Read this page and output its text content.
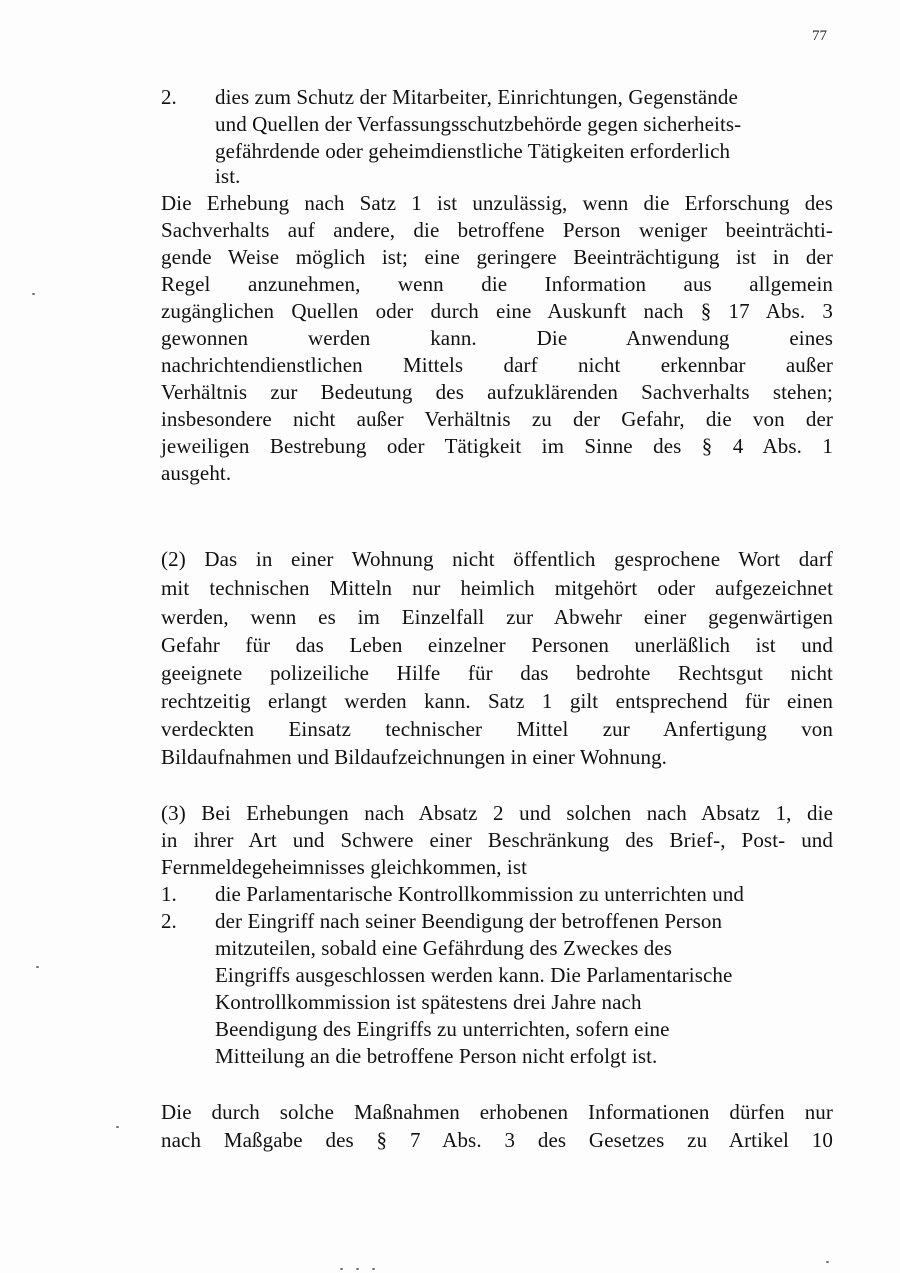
77
2. dies zum Schutz der Mitarbeiter, Einrichtungen, Gegenstände
und Quellen der Verfassungsschutzbehörde gegen sicherheits-
gefährdende oder geheimdienstliche Tätigkeiten erforderlich
ist.
Die Erhebung nach Satz 1 ist unzulässig, wenn die Erforschung des
Sachverhalts auf andere, die betroffene Person weniger beeinträchti-
gende Weise möglich ist; eine geringere Beeinträchtigung ist in der
Regel anzunehmen, wenn die Information aus allgemein
zugänglichen Quellen oder durch eine Auskunft nach § 17 Abs. 3
gewonnen werden kann. Die Anwendung eines
nachrichtendienstlichen Mittels darf nicht erkennbar außer
Verhältnis zur Bedeutung des aufzuklärenden Sachverhalts stehen;
insbesondere nicht außer Verhältnis zu der Gefahr, die von der
jeweiligen Bestrebung oder Tätigkeit im Sinne des § 4 Abs. 1
ausgeht.
(2) Das in einer Wohnung nicht öffentlich gesprochene Wort darf
mit technischen Mitteln nur heimlich mitgehört oder aufgezeichnet
werden, wenn es im Einzelfall zur Abwehr einer gegenwärtigen
Gefahr für das Leben einzelner Personen unerläßlich ist und
geeignete polizeiliche Hilfe für das bedrohte Rechtsgut nicht
rechtzeitig erlangt werden kann. Satz 1 gilt entsprechend für einen
verdeckten Einsatz technischer Mittel zur Anfertigung von
Bildaufnahmen und Bildaufzeichnungen in einer Wohnung.
(3) Bei Erhebungen nach Absatz 2 und solchen nach Absatz 1, die
in ihrer Art und Schwere einer Beschränkung des Brief-, Post- und
Fernmeldegeheimnisses gleichkommen, ist
1. die Parlamentarische Kontrollkommission zu unterrichten und
2. der Eingriff nach seiner Beendigung der betroffenen Person
mitzuteilen, sobald eine Gefährdung des Zweckes des
Eingriffs ausgeschlossen werden kann. Die Parlamentarische
Kontrollkommission ist spätestens drei Jahre nach
Beendigung des Eingriffs zu unterrichten, sofern eine
Mitteilung an die betroffene Person nicht erfolgt ist.
Die durch solche Maßnahmen erhobenen Informationen dürfen nur
nach Maßgabe des § 7 Abs. 3 des Gesetzes zu Artikel 10
